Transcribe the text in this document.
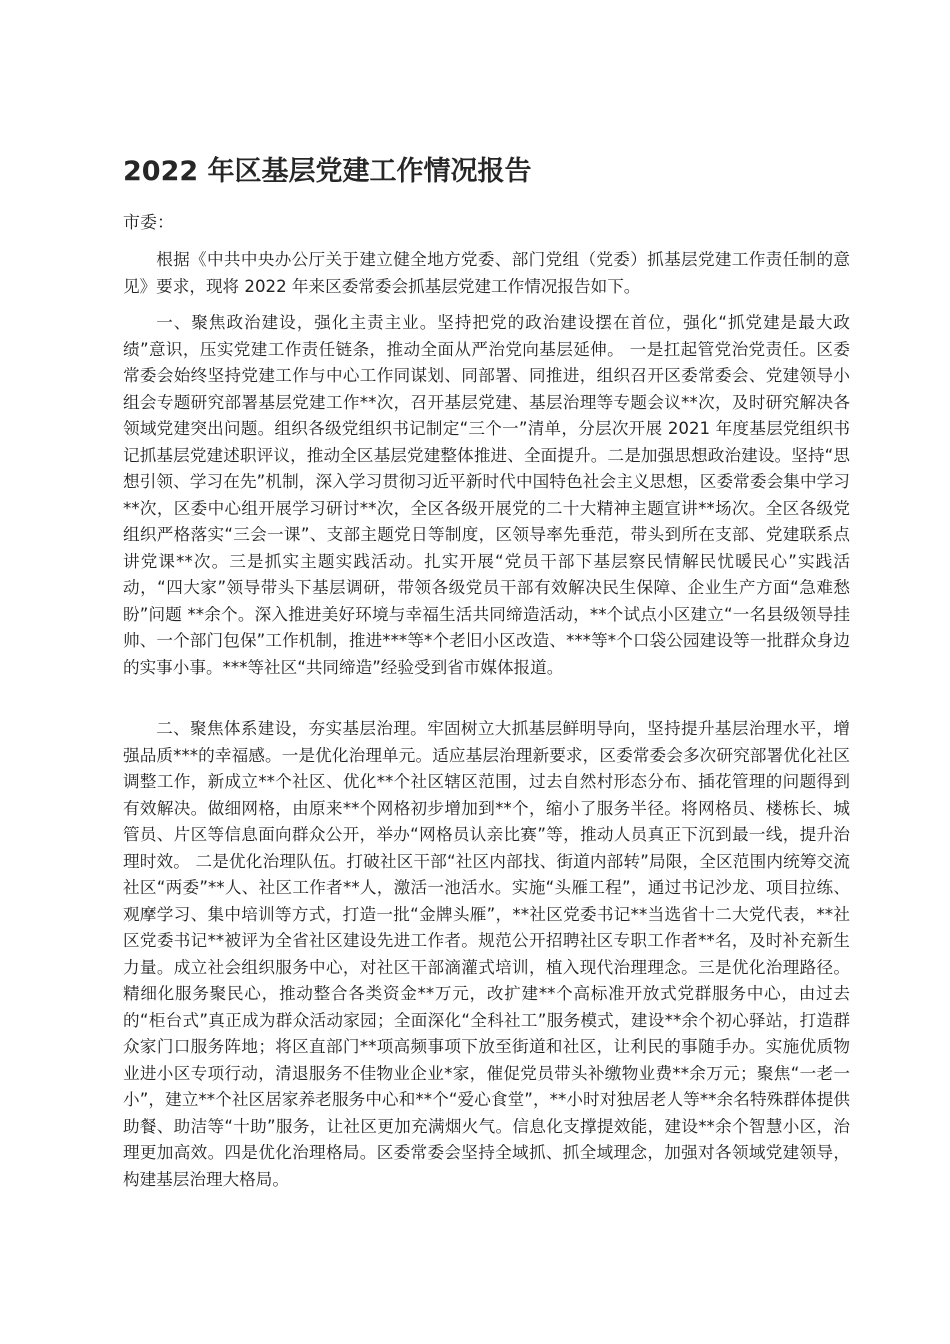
2022 年区基层党建工作情况报告

市委：

根据《中共中央办公厅关于建立健全地方党委、部门党组（党委）抓基层党建工作责任制的意见》要求，现将 2022 年来区委常委会抓基层党建工作情况报告如下。

一、聚焦政治建设，强化主责主业。坚持把党的政治建设摆在首位，强化“抓党建是最大政绩”意识，压实党建工作责任链条，推动全面从严治党向基层延伸。 一是扛起管党治党责任。区委常委会始终坚持党建工作与中心工作同谋划、同部署、同推进，组织召开区委常委会、党建领导小组会专题研究部署基层党建工作**次，召开基层党建、基层治理等专题会议**次，及时研究解决各领域党建突出问题。组织各级党组织书记制定“三个一”清单，分层次开展 2021 年度基层党组织书记抓基层党建述职评议，推动全区基层党建整体推进、全面提升。二是加强思想政治建设。坚持“思想引领、学习在先”机制，深入学习贯彻习近平新时代中国特色社会主义思想，区委常委会集中学习**次，区委中心组开展学习研讨**次，全区各级开展党的二十大精神主题宣讲**场次。全区各级党组织严格落实“三会一课”、支部主题党日等制度，区领导率先垂范，带头到所在支部、党建联系点讲党课**次。三是抓实主题实践活动。扎实开展“党员干部下基层察民情解民忧暖民心”实践活动，“四大家”领导带头下基层调研，带领各级党员干部有效解决民生保障、企业生产方面“急难愁盼”问题 **余个。深入推进美好环境与幸福生活共同缔造活动，**个试点小区建立“一名县级领导挂帅、一个部门包保”工作机制，推进***等*个老旧小区改造、***等*个口袋公园建设等一批群众身边的实事小事。***等社区“共同缔造”经验受到省市媒体报道。

二、聚焦体系建设，夯实基层治理。牢固树立大抓基层鲜明导向，坚持提升基层治理水平，增强品质***的幸福感。一是优化治理单元。适应基层治理新要求，区委常委会多次研究部署优化社区调整工作，新成立**个社区、优化**个社区辖区范围，过去自然村形态分布、插花管理的问题得到有效解决。做细网格，由原来**个网格初步增加到**个，缩小了服务半径。将网格员、楼栋长、城管员、片区等信息面向群众公开，举办“网格员认亲比赛”等，推动人员真正下沉到最一线，提升治理时效。 二是优化治理队伍。打破社区干部“社区内部找、街道内部转”局限，全区范围内统筹交流社区“两委”**人、社区工作者**人，激活一池活水。实施“头雁工程”，通过书记沙龙、项目拉练、观摩学习、集中培训等方式，打造一批“金牌头雁”，**社区党委书记**当选省十二大党代表，**社区党委书记**被评为全省社区建设先进工作者。规范公开招聘社区专职工作者**名，及时补充新生力量。成立社会组织服务中心，对社区干部滴灌式培训，植入现代治理理念。三是优化治理路径。精细化服务聚民心，推动整合各类资金**万元，改扩建**个高标准开放式党群服务中心，由过去的“柜台式”真正成为群众活动家园；全面深化“全科社工”服务模式，建设**余个初心驿站，打造群众家门口服务阵地；将区直部门**项高频事项下放至街道和社区，让利民的事随手办。实施优质物业进小区专项行动，清退服务不佳物业企业*家，催促党员带头补缴物业费**余万元；聚焦“一老一小”，建立**个社区居家养老服务中心和**个“爱心食堂”，**小时对独居老人等**余名特殊群体提供助餐、助洁等“十助”服务，让社区更加充满烟火气。信息化支撑提效能，建设**余个智慧小区，治理更加高效。四是优化治理格局。区委常委会坚持全域抓、抓全域理念，加强对各领域党建领导，构建基层治理大格局。
